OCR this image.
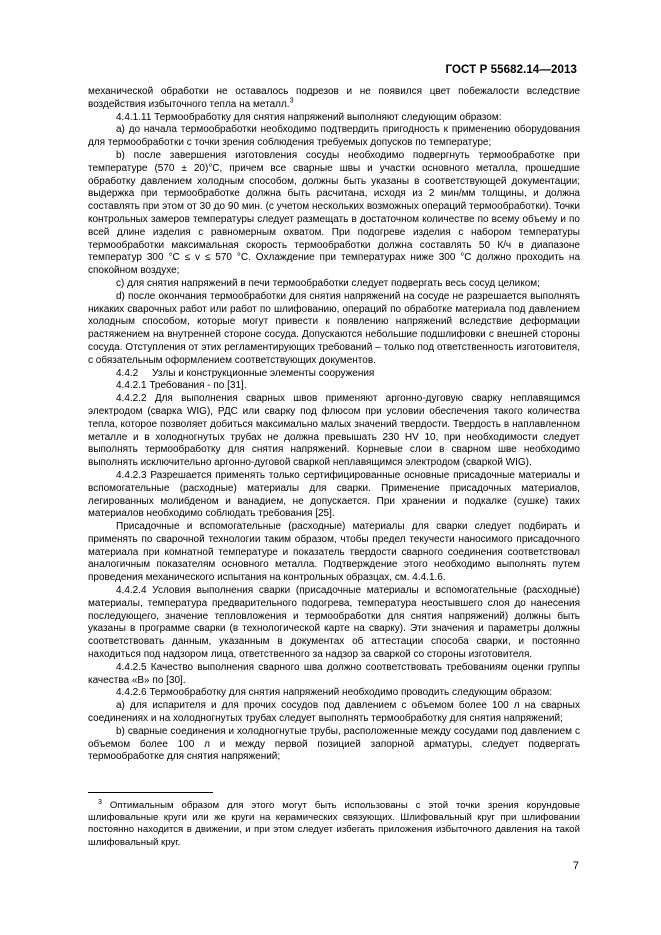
ГОСТ Р 55682.14—2013

механической обработки не оставалось подрезов и не появился цвет побежалости вследствие воздействия избыточного тепла на металл.$^3$

4.4.1.11 Термообработку для снятия напряжений выполняют следующим образом:

a) до начала термообработки необходимо подтвердить пригодность к применению оборудования для термообработки с точки зрения соблюдения требуемых допусков по температуре;

b) после завершения изготовления сосуды необходимо подвергнуть термообработке при температуре (570 ± 20)°С, причем все сварные швы и участки основного металла, прошедшие обработку давлением холодным способом, должны быть указаны в соответствующей документации; выдержка при термообработке должна быть расчитана, исходя из 2 мин/мм толщины, и должна составлять при этом от 30 до 90 мин. (с учетом нескольких возможных операций термообработки). Точки контрольных замеров температуры следует размещать в достаточном количестве по всему объему и по всей длине изделия с равномерным охватом. При подогреве изделия с набором температуры термообработки максимальная скорость термообработки должна составлять 50 К/ч в диапазоне температур 300 °С ≤ v ≤ 570 °С. Охлаждение при температурах ниже 300 °С должно проходить на спокойном воздухе;

c) для снятия напряжений в печи термообработки следует подвергать весь сосуд целиком;

d) после окончания термообработки для снятия напряжений на сосуде не разрешается выполнять никаких сварочных работ или работ по шлифованию, операций по обработке материала под давлением холодным способом, которые могут привести к появлению напряжений вследствие деформации растяжением на внутренней стороне сосуда. Допускаются небольшие подшлифовки с внешней стороны сосуда. Отступления от этих регламентирующих требований – только под ответственность изготовителя, с обязательным оформлением соответствующих документов.

4.4.2     Узлы и конструкционные элементы сооружения

4.4.2.1 Требования - по [31].

4.4.2.2 Для выполнения сварных швов применяют аргонно-дуговую сварку неплавящимся электродом (сварка WIG), РДС или сварку под флюсом при условии обеспечения такого количества тепла, которое позволяет добиться максимально малых значений твердости. Твердость в наплавленном металле и в холодногнутых трубах не должна превышать 230 HV 10, при необходимости следует выполнять термообработку для снятия напряжений. Корневые слои в сварном шве необходимо выполнять исключительно аргонно-дуговой сваркой неплавящимся электродом (сваркой WIG).

4.4.2.3 Разрешается применять только сертифицированные основные присадочные материалы и вспомогательные (расходные) материалы для сварки. Применение присадочных материалов, легированных молибденом и ванадием, не допускается. При хранении и подкалке (сушке) таких материалов необходимо соблюдать требования [25].

Присадочные и вспомогательные (расходные) материалы для сварки следует подбирать и применять по сварочной технологии таким образом, чтобы предел текучести наносимого присадочного материала при комнатной температуре и показатель твердости сварного соединения соответствовал аналогичным показателям основного металла. Подтверждение этого необходимо выполнять путем проведения механического испытания на контрольных образцах, см. 4.4.1.6.

4.4.2.4 Условия выполнения сварки (присадочные материалы и вспомогательные (расходные) материалы, температура предварительного подогрева, температура неостывшего слоя до нанесения последующего, значение тепловложения и термообработки для снятия напряжений) должны быть указаны в программе сварки (в технологической карте на сварку). Эти значения и параметры должны соответствовать данным, указанным в документах об аттестации способа сварки, и постоянно находиться под надзором лица, ответственного за надзор за сваркой со стороны изготовителя.

4.4.2.5 Качество выполнения сварного шва должно соответствовать требованиям оценки группы качества «В» по [30].

4.4.2.6 Термообработку для снятия напряжений необходимо проводить следующим образом:

a) для испарителя и для прочих сосудов под давлением с объемом более 100 л на сварных соединениях и на холодногнутых трубах следует выполнять термообработку для снятия напряжений;

b) сварные соединения и холодногнутые трубы, расположенные между сосудами под давлением с объемом более 100 л и между первой позицией запорной арматуры, следует подвергать термообработке для снятия напряжений;

$^3$ Оптимальным образом для этого могут быть использованы с этой точки зрения корундовые шлифовальные круги или же круги на керамических связующих. Шлифовальный круг при шлифовании постоянно находится в движении, и при этом следует избегать приложения избыточного давления на такой шлифовальный круг.

7
